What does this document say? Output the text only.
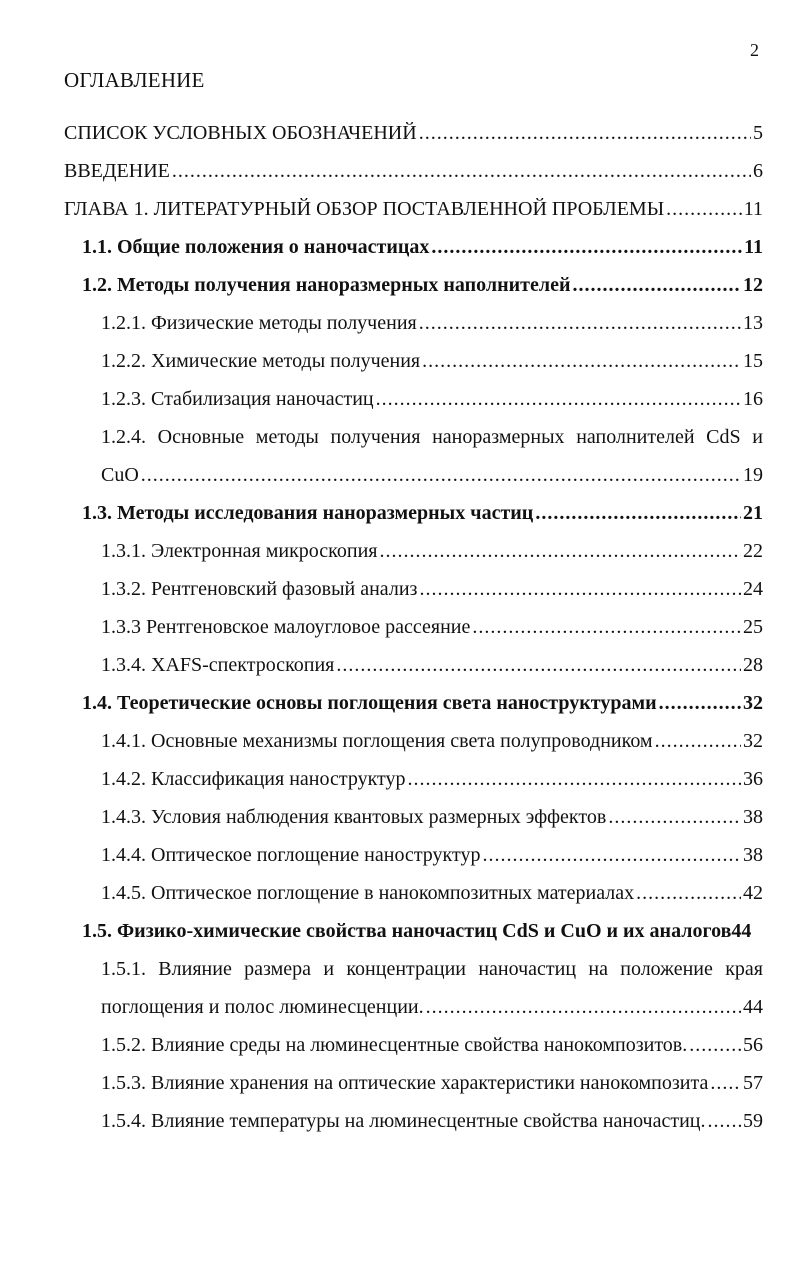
2
ОГЛАВЛЕНИЕ
СПИСОК УСЛОВНЫХ ОБОЗНАЧЕНИЙ .....	5
ВВЕДЕНИЕ .....	6
ГЛАВА 1. ЛИТЕРАТУРНЫЙ ОБЗОР ПОСТАВЛЕННОЙ ПРОБЛЕМЫ .....	11
1.1. Общие положения о наночастицах .....	11
1.2. Методы получения наноразмерных наполнителей .....	12
1.2.1. Физические методы получения .....	13
1.2.2. Химические методы получения .....	15
1.2.3. Стабилизация наночастиц .....	16
1.2.4. Основные методы получения наноразмерных наполнителей CdS и
CuO .....	19
1.3. Методы исследования наноразмерных частиц .....	21
1.3.1. Электронная микроскопия .....	22
1.3.2. Рентгеновский фазовый анализ .....	24
1.3.3 Рентгеновское малоугловое рассеяние .....	25
1.3.4. XAFS-спектроскопия .....	28
1.4. Теоретические основы поглощения света наноструктурами .....	32
1.4.1. Основные механизмы поглощения света полупроводником .....	32
1.4.2. Классификация наноструктур .....	36
1.4.3. Условия наблюдения квантовых размерных эффектов .....	38
1.4.4. Оптическое поглощение наноструктур .....	38
1.4.5. Оптическое поглощение в нанокомпозитных материалах .....	42
1.5. Физико-химические свойства наночастиц CdS и CuO и их аналогов 44
1.5.1. Влияние размера и концентрации наночастиц на положение края
поглощения и полос люминесценции. .....	44
1.5.2. Влияние среды на люминесцентные свойства нанокомпозитов. .....	56
1.5.3. Влияние хранения на оптические характеристики нанокомпозита ..... 57
1.5.4. Влияние температуры на люминесцентные свойства наночастиц. ..... 59
